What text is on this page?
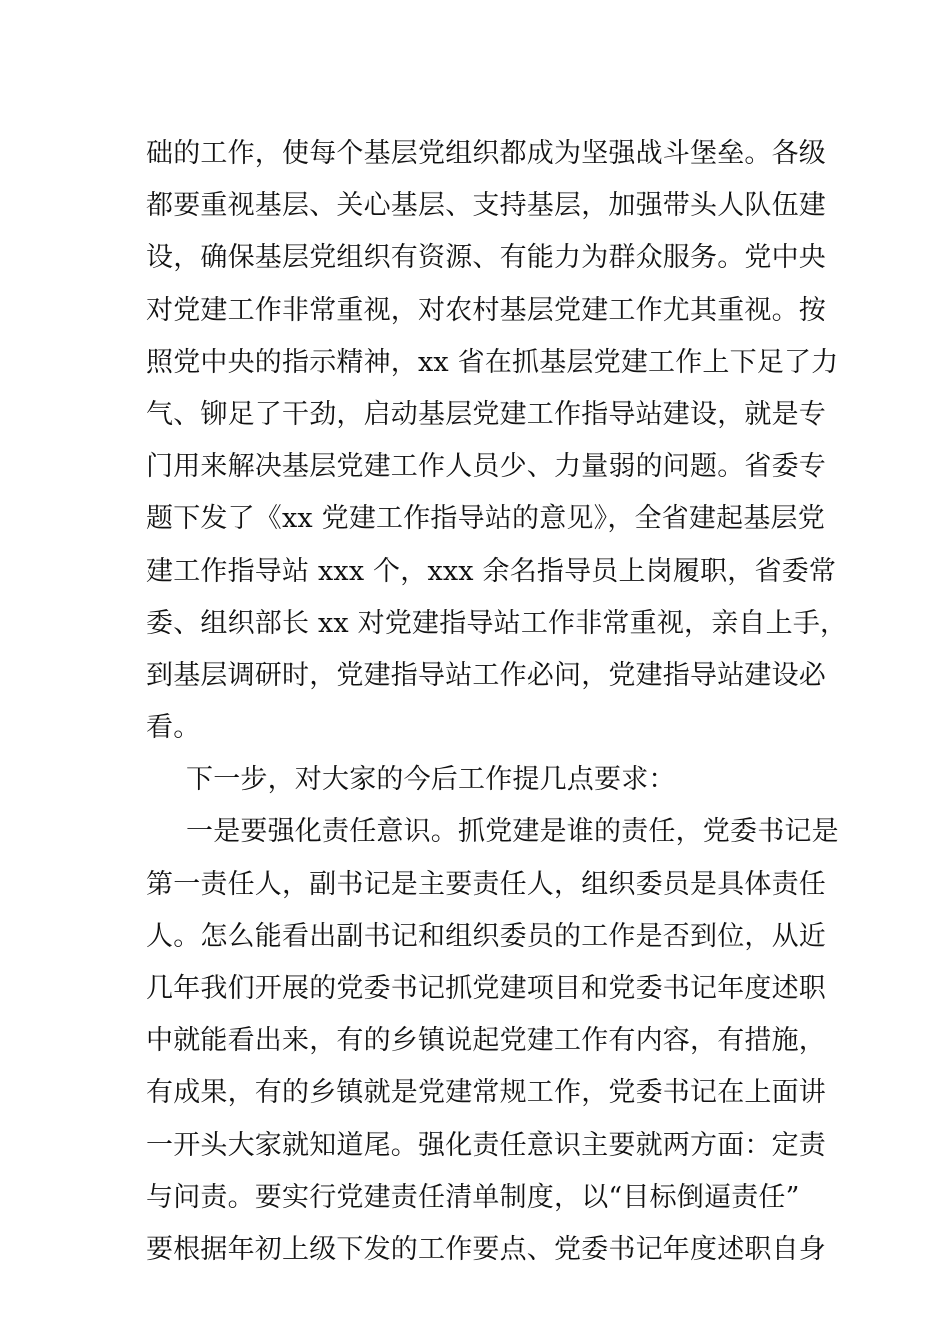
础的工作，使每个基层党组织都成为坚强战斗堡垒。各级
都要重视基层、关心基层、支持基层，加强带头人队伍建
设，确保基层党组织有资源、有能力为群众服务。党中央
对党建工作非常重视，对农村基层党建工作尤其重视。按
照党中央的指示精神，xx 省在抓基层党建工作上下足了力
气、铆足了干劲，启动基层党建工作指导站建设，就是专
门用来解决基层党建工作人员少、力量弱的问题。省委专
题下发了《xx 党建工作指导站的意见》，全省建起基层党
建工作指导站 xxx 个，xxx 余名指导员上岗履职，省委常
委、组织部长 xx 对党建指导站工作非常重视，亲自上手，
到基层调研时，党建指导站工作必问，党建指导站建设必
看。
下一步，对大家的今后工作提几点要求：
一是要强化责任意识。抓党建是谁的责任，党委书记是
第一责任人，副书记是主要责任人，组织委员是具体责任
人。怎么能看出副书记和组织委员的工作是否到位，从近
几年我们开展的党委书记抓党建项目和党委书记年度述职
中就能看出来，有的乡镇说起党建工作有内容，有措施，
有成果，有的乡镇就是党建常规工作，党委书记在上面讲
一开头大家就知道尾。强化责任意识主要就两方面：定责
与问责。要实行党建责任清单制度，以“目标倒逼责任”
要根据年初上级下发的工作要点、党委书记年度述职自身
